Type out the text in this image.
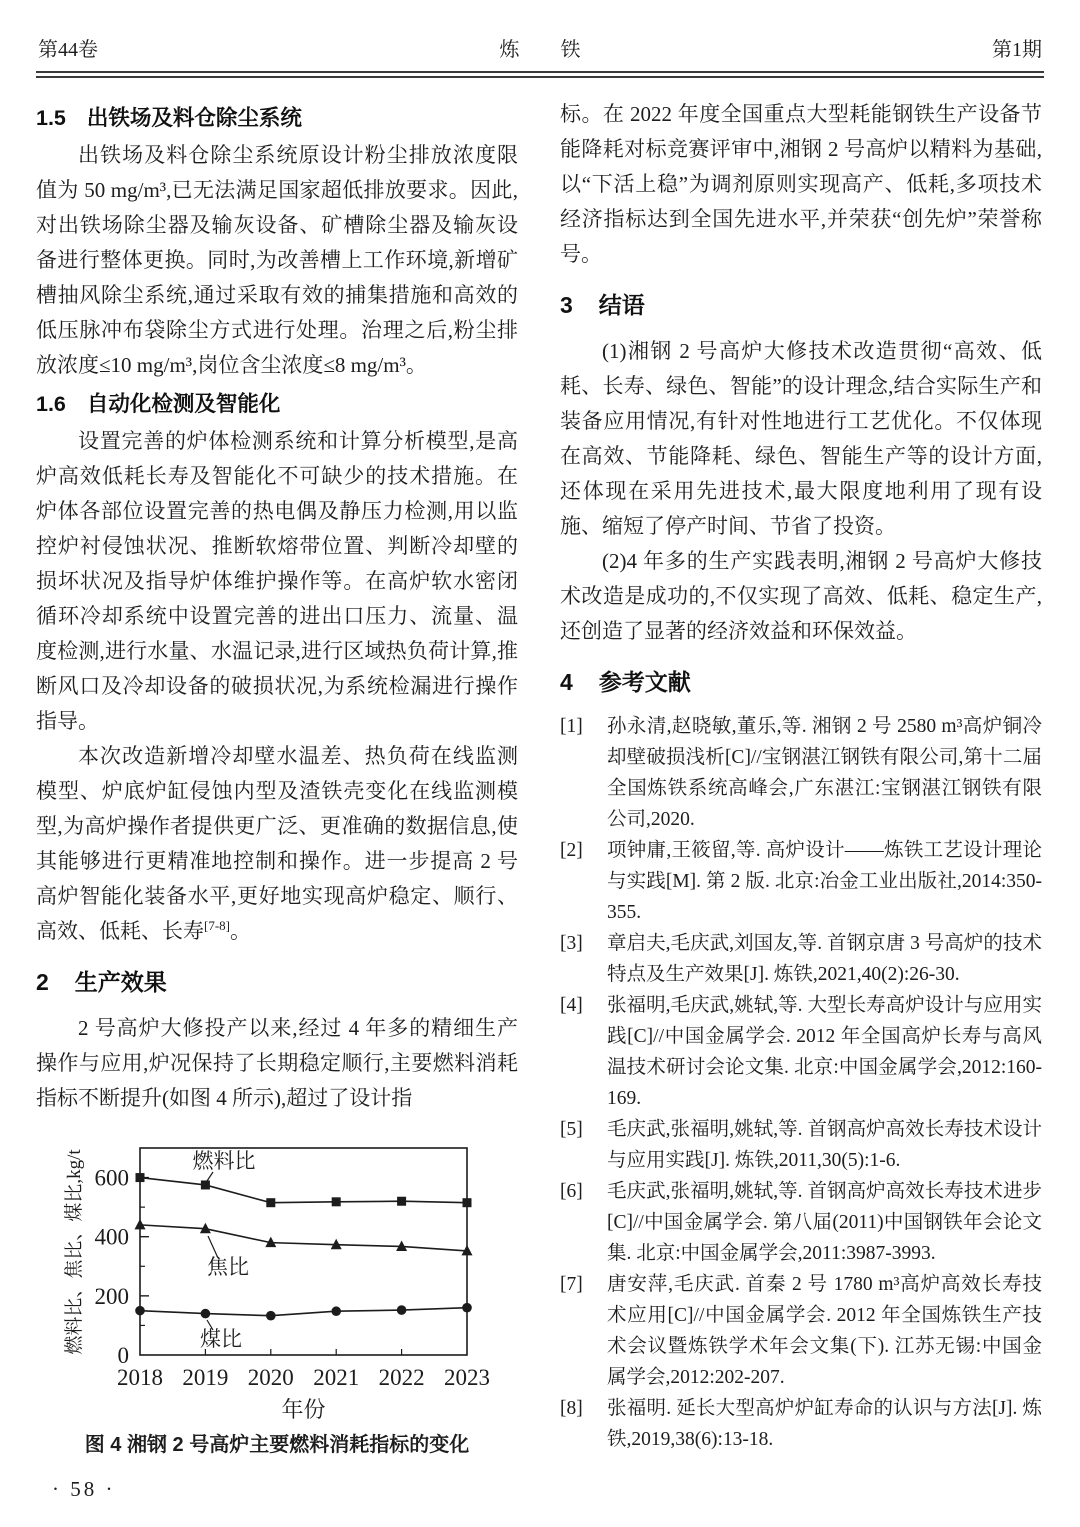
第44卷	炼 铁	第1期
1.5 出铁场及料仓除尘系统

出铁场及料仓除尘系统原设计粉尘排放浓度限值为 50 mg/m³,已无法满足国家超低排放要求。因此,对出铁场除尘器及输灰设备、矿槽除尘器及输灰设备进行整体更换。同时,为改善槽上工作环境,新增矿槽抽风除尘系统,通过采取有效的捕集措施和高效的低压脉冲布袋除尘方式进行处理。治理之后,粉尘排放浓度≤10 mg/m³,岗位含尘浓度≤8 mg/m³。

1.6 自动化检测及智能化

设置完善的炉体检测系统和计算分析模型,是高炉高效低耗长寿及智能化不可缺少的技术措施。在炉体各部位设置完善的热电偶及静压力检测,用以监控炉衬侵蚀状况、推断软熔带位置、判断冷却壁的损坏状况及指导炉体维护操作等。在高炉软水密闭循环冷却系统中设置完善的进出口压力、流量、温度检测,进行水量、水温记录,进行区域热负荷计算,推断风口及冷却设备的破损状况,为系统检漏进行操作指导。

本次改造新增冷却壁水温差、热负荷在线监测模型、炉底炉缸侵蚀内型及渣铁壳变化在线监测模型,为高炉操作者提供更广泛、更准确的数据信息,使其能够进行更精准地控制和操作。进一步提高 2 号高炉智能化装备水平,更好地实现高炉稳定、顺行、高效、低耗、长寿[7-8]。

2 生产效果

2 号高炉大修投产以来,经过 4 年多的精细生产操作与应用,炉况保持了长期稳定顺行,主要燃料消耗指标不断提升(如图 4 所示),超过了设计指

0
200
400
600
2018 2019 2020 2021 2022 2023
燃料比、焦比、煤比,kg/t
年份
燃料比
焦比
煤比
图 4 湘钢 2 号高炉主要燃料消耗指标的变化

标。在 2022 年度全国重点大型耗能钢铁生产设备节能降耗对标竞赛评审中,湘钢 2 号高炉以精料为基础,以“下活上稳”为调剂原则实现高产、低耗,多项技术经济指标达到全国先进水平,并荣获“创先炉”荣誉称号。

3 结语

(1)湘钢 2 号高炉大修技术改造贯彻“高效、低耗、长寿、绿色、智能”的设计理念,结合实际生产和装备应用情况,有针对性地进行工艺优化。不仅体现在高效、节能降耗、绿色、智能生产等的设计方面,还体现在采用先进技术,最大限度地利用了现有设施、缩短了停产时间、节省了投资。

(2)4 年多的生产实践表明,湘钢 2 号高炉大修技术改造是成功的,不仅实现了高效、低耗、稳定生产,还创造了显著的经济效益和环保效益。

4 参考文献
[1]	孙永清,赵晓敏,董乐,等. 湘钢 2 号 2580 m³高炉铜冷却壁破损浅析[C]//宝钢湛江钢铁有限公司,第十二届全国炼铁系统高峰会,广东湛江:宝钢湛江钢铁有限公司,2020.
[2]	项钟庸,王筱留,等. 高炉设计——炼铁工艺设计理论与实践[M]. 第 2 版. 北京:冶金工业出版社,2014:350-355.
[3]	章启夫,毛庆武,刘国友,等. 首钢京唐 3 号高炉的技术特点及生产效果[J]. 炼铁,2021,40(2):26-30.
[4]	张福明,毛庆武,姚轼,等. 大型长寿高炉设计与应用实践[C]//中国金属学会. 2012 年全国高炉长寿与高风温技术研讨会论文集. 北京:中国金属学会,2012:160-169.
[5]	毛庆武,张福明,姚轼,等. 首钢高炉高效长寿技术设计与应用实践[J]. 炼铁,2011,30(5):1-6.
[6]	毛庆武,张福明,姚轼,等. 首钢高炉高效长寿技术进步[C]//中国金属学会. 第八届(2011)中国钢铁年会论文集. 北京:中国金属学会,2011:3987-3993.
[7]	唐安萍,毛庆武. 首秦 2 号 1780 m³高炉高效长寿技术应用[C]//中国金属学会. 2012 年全国炼铁生产技术会议暨炼铁学术年会文集(下). 江苏无锡:中国金属学会,2012:202-207.
[8]	张福明. 延长大型高炉炉缸寿命的认识与方法[J]. 炼铁,2019,38(6):13-18.
· 58 ·
